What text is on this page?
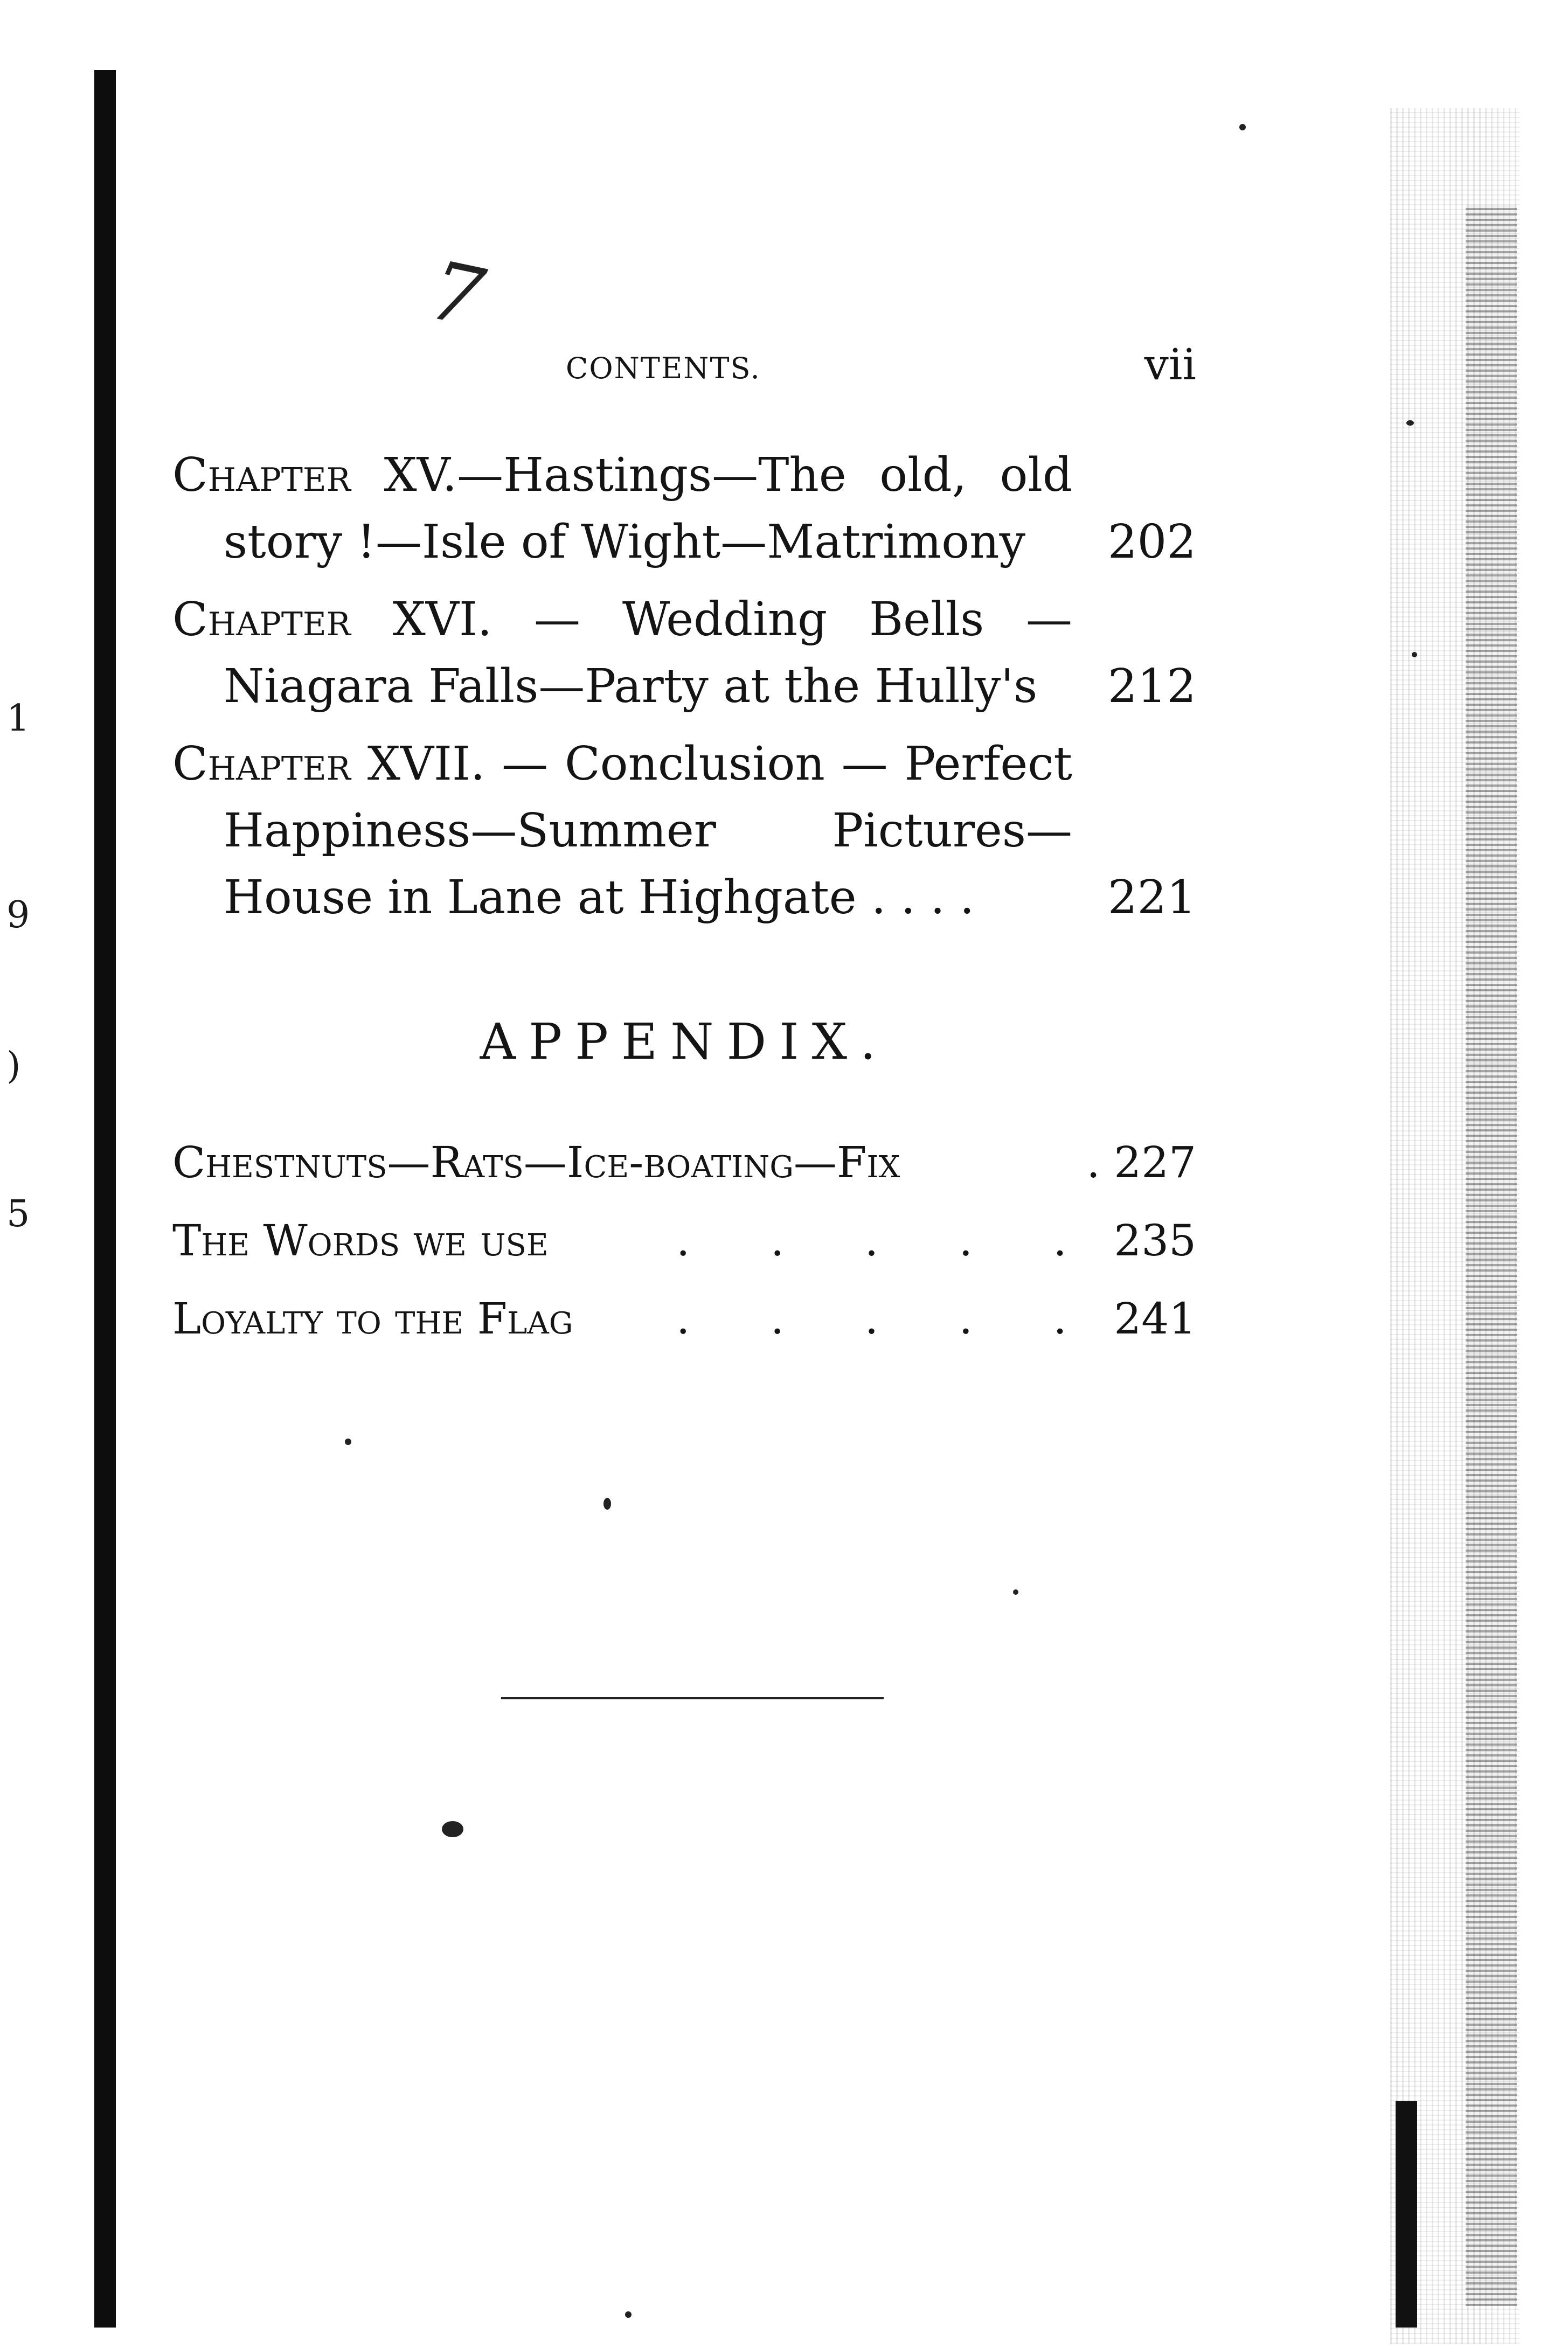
1
9
)
5
7
CONTENTS.	vii
Chapter XV.—Hastings—The old, old story !—Isle of Wight—Matrimony	202
Chapter XVI. — Wedding Bells — Niagara Falls—Party at the Hully's	212
Chapter XVII. — Conclusion — Perfect Happiness—Summer Pictures—House in Lane at Highgate . . . .	221
APPENDIX.
Chestnuts—Rats—Ice-boating—Fix	. 227
The Words we use	. . . . . 235
Loyalty to the Flag . . . . . 241
